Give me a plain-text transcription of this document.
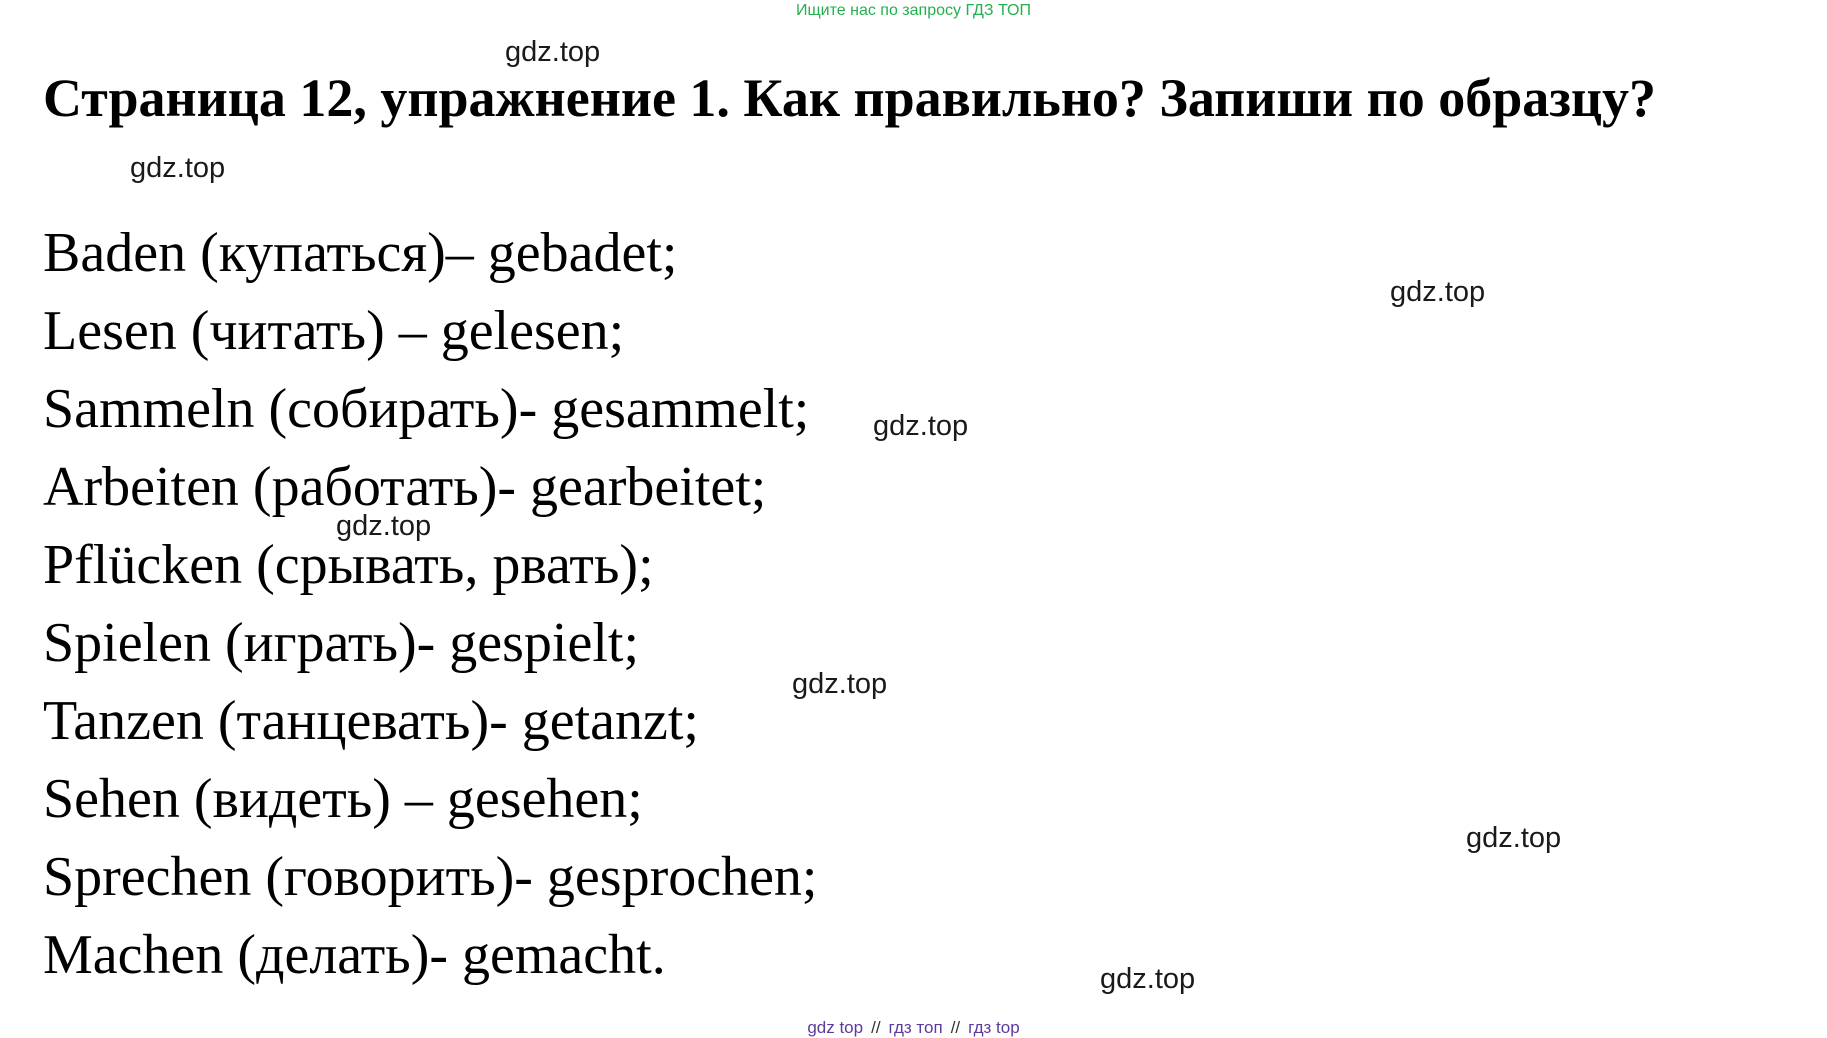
Ищите нас по запросу ГДЗ ТОП
Страница 12, упражнение 1. Как правильно? Запиши по образцу?
Baden (купаться)– gebadet;
Lesen (читать) – gelesen;
Sammeln (собирать)- gesammelt;
Arbeiten (работать)- gearbeitet;
Pflücken (срывать, рвать);
Spielen (играть)- gespielt;
Tanzen (танцевать)- getanzt;
Sehen (видеть) – gesehen;
Sprechen (говорить)- gesprochen;
Machen (делать)- gemacht.
gdz.top
gdz.top
gdz.top
gdz.top
gdz.top
gdz.top
gdz.top
gdz.top
gdz top // гдз топ // гдз top
